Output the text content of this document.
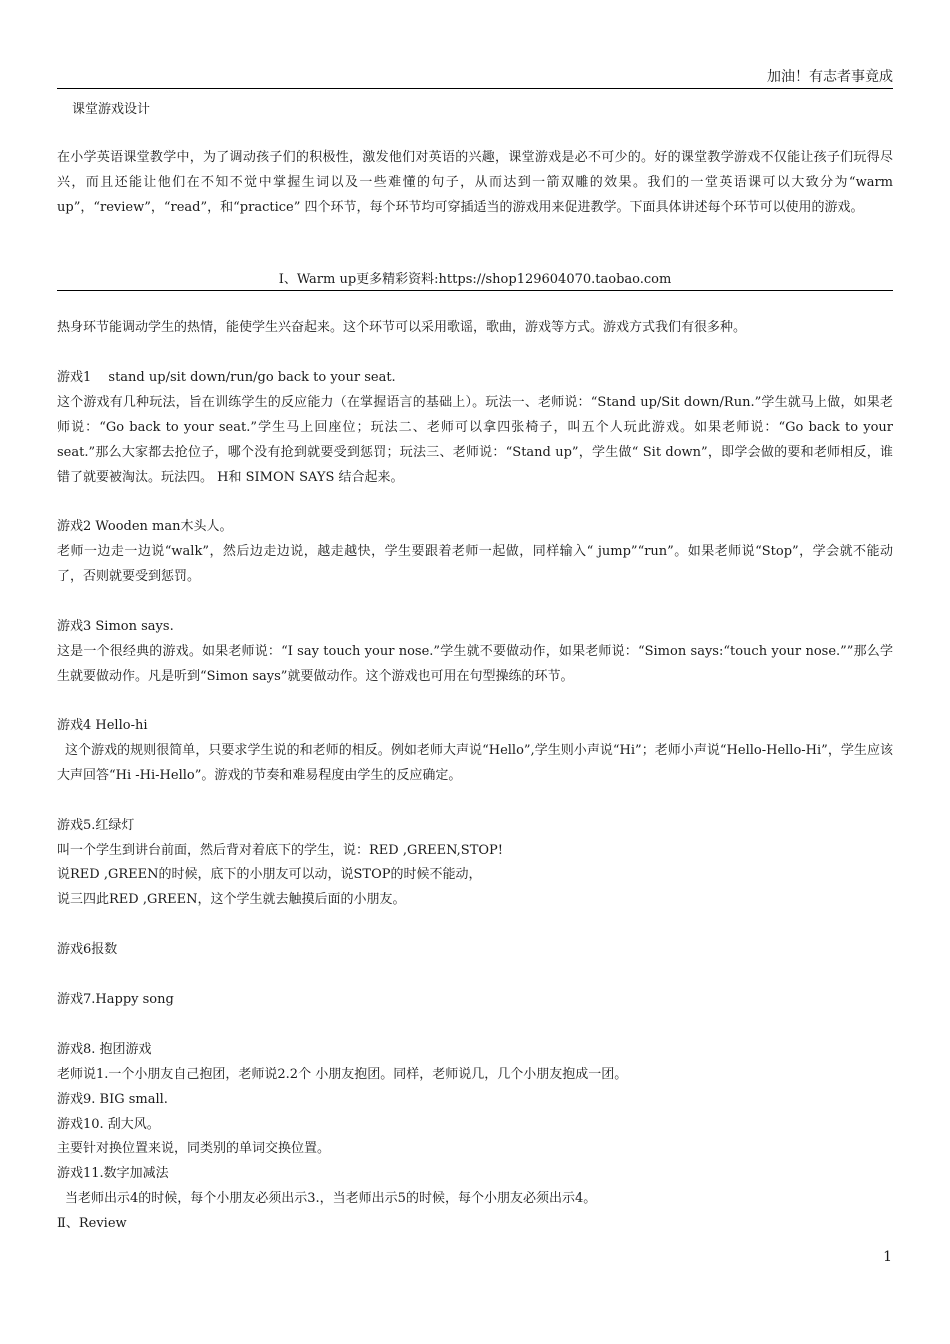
加油！有志者事竟成
课堂游戏设计

在小学英语课堂教学中，为了调动孩子们的积极性，激发他们对英语的兴趣，课堂游戏是必不可少的。好的课堂教学游戏不仅能让孩子们玩得尽兴，而且还能让他们在不知不觉中掌握生词以及一些难懂的句子，从而达到一箭双雕的效果。我们的一堂英语课可以大致分为“warm up”，“review”，“read”，和“practice” 四个环节，每个环节均可穿插适当的游戏用来促进教学。下面具体讲述每个环节可以使用的游戏。

Ⅰ、Warm up更多精彩资料:https://shop129604070.taobao.com

热身环节能调动学生的热情，能使学生兴奋起来。这个环节可以采用歌谣，歌曲，游戏等方式。游戏方式我们有很多种。

游戏1　 stand up/sit down/run/go back to your seat.

这个游戏有几种玩法，旨在训练学生的反应能力（在掌握语言的基础上）。玩法一、老师说：“Stand up/Sit down/Run.”学生就马上做，如果老师说：“Go back to your seat.”学生马上回座位；玩法二、老师可以拿四张椅子，叫五个人玩此游戏。如果老师说：“Go back to your seat.”那么大家都去抢位子，哪个没有抢到就要受到惩罚；玩法三、老师说：“Stand up”，学生做“ Sit down”，即学会做的要和老师相反，谁错了就要被淘汰。玩法四。 H和 SIMON SAYS 结合起来。

游戏2 Wooden man木头人。

老师一边走一边说“walk”，然后边走边说，越走越快，学生要跟着老师一起做，同样输入“ jump”“run”。如果老师说“Stop”，学会就不能动了，否则就要受到惩罚。

游戏3 Simon says.

这是一个很经典的游戏。如果老师说：“I say touch your nose.”学生就不要做动作，如果老师说：“Simon says:“touch your nose.””那么学生就要做动作。凡是听到“Simon says”就要做动作。这个游戏也可用在句型操练的环节。

游戏4 Hello-hi

这个游戏的规则很简单，只要求学生说的和老师的相反。例如老师大声说“Hello”,学生则小声说“Hi”；老师小声说“Hello-Hello-Hi”，学生应该大声回答“Hi -Hi-Hello”。游戏的节奏和难易程度由学生的反应确定。

游戏5.红绿灯
叫一个学生到讲台前面，然后背对着底下的学生，说：RED ,GREEN,STOP!
说RED ,GREEN的时候，底下的小朋友可以动，说STOP的时候不能动，
说三四此RED ,GREEN，这个学生就去触摸后面的小朋友。
游戏6报数
游戏7.Happy song
游戏8. 抱团游戏
老师说1.一个小朋友自己抱团，老师说2.2个 小朋友抱团。同样，老师说几，几个小朋友抱成一团。
游戏9. BIG small.
游戏10. 刮大风。
主要针对换位置来说，同类别的单词交换位置。
游戏11.数字加减法
当老师出示4的时候，每个小朋友必须出示3.，当老师出示5的时候，每个小朋友必须出示4。
Ⅱ、Review
1
